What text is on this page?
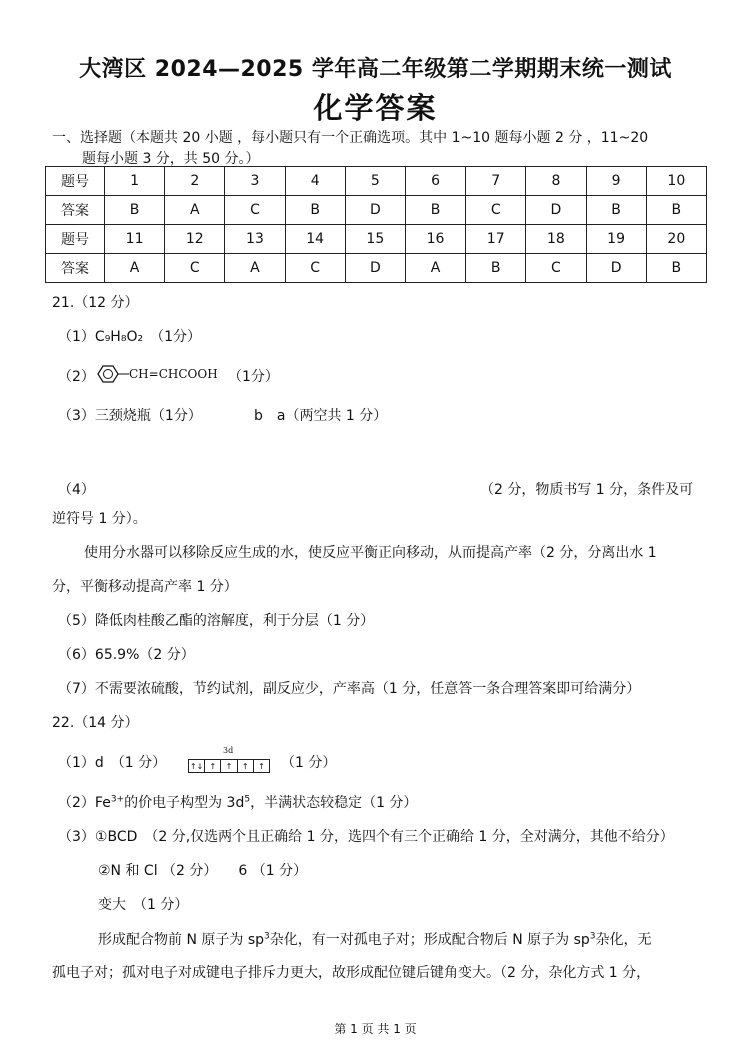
大湾区 2024—2025 学年高二年级第二学期期末统一测试
化学答案
一、选择题（本题共 20 小题 ，每小题只有一个正确选项。其中 1~10 题每小题 2 分 ，11~20
题每小题 3 分，共 50 分。）
题号	1	2	3	4	5	6	7	8	9	10
答案	B	A	C	B	D	B	C	D	B	B
题号	11	12	13	14	15	16	17	18	19	20
答案	A	C	A	C	D	A	B	C	D	B
21.（12 分）
（1）C₉H₈O₂　 （1分）
（2）	CH=CHCOOH （1分）
（3）三颈烧瓶（1分）	b　a（两空共 1 分）
（4）	（2 分，物质书写 1 分，条件及可
逆符号 1 分）。
使用分水器可以移除反应生成的水，使反应平衡正向移动，从而提高产率（2 分，分离出水 1
分，平衡移动提高产率 1 分）
（5）降低肉桂酸乙酯的溶解度，利于分层（1 分）
（6）65.9%（2 分）
（7）不需要浓硫酸，节约试剂，副反应少，产率高（1 分，任意答一条合理答案即可给满分）
22.（14 分）
（1）d　（1 分）
3d
↑↓ ↑	↑	↑	↑	（1 分）
$(2)Fe^{3+}$的价电子构型为 $3d^5$，半满状态较稳定（1 分）
（3）①BCD　（2 分,仅选两个且正确给 1 分，选四个有三个正确给 1 分，全对满分，其他不给分）
②N 和 Cl （2 分）　　6 （1 分）
变大　（1 分）
形成配合物前 N 原子为 $sp^3$杂化，有一对孤电子对；形成配合物后 N 原子为 $sp^3$杂化，无
孤电子对；孤对电子对成键电子排斥力更大，故形成配位键后键角变大。（2 分，杂化方式 1 分，
第 1 页 共 1 页
